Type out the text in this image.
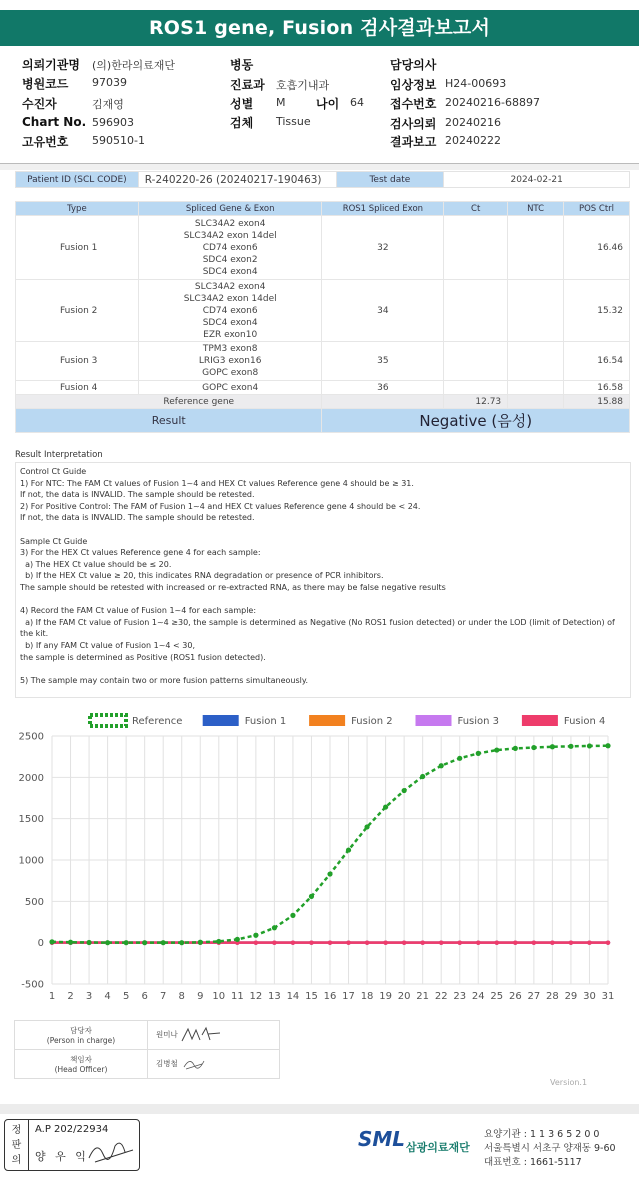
ROS1 gene, Fusion 검사결과보고서
의뢰기관명 (의)한라의료재단
병원코드 97039
수진자	김재영
Chart No. 596903
고유번호 590510-1
병동
진료과 호흡기내과
성별 M	나이 64
검체 Tissue
담당의사
임상정보 H24-00693
접수번호 20240216-68897
검사의뢰 20240216
결과보고 20240222
Patient ID (SCL CODE)	R-240220-26 (20240217-190463)	Test date	2024-02-21
Type	Spliced Gene & Exon	ROS1 Spliced Exon	Ct	NTC	POS Ctrl
Fusion 1	SLC34A2 exon4
SLC34A2 exon 14del
CD74 exon6
SDC4 exon2
SDC4 exon4	32			16.46
Fusion 2	SLC34A2 exon4
SLC34A2 exon 14del
CD74 exon6
SDC4 exon4
EZR exon10	34			15.32
Fusion 3	TPM3 exon8
LRIG3 exon16
GOPC exon8	35			16.54
Fusion 4	GOPC exon4	36			16.58
Reference gene			12.73		15.88
Result		Negative (음성)			
Result Interpretation
Control Ct Guide
1) For NTC: The FAM Ct values of Fusion 1~4 and HEX Ct values Reference gene 4 should be ≥ 31.
If not, the data is INVALID. The sample should be retested.
2) For Positive Control: The FAM of Fusion 1~4 and HEX Ct values Reference gene 4 should be < 24.
If not, the data is INVALID. The sample should be retested.
Sample Ct Guide
3) For the HEX Ct values Reference gene 4 for each sample:
a) The HEX Ct value should be ≤ 20.
b) If the HEX Ct value ≥ 20, this indicates RNA degradation or presence of PCR inhibitors.
The sample should be retested with increased or re-extracted RNA, as there may be false negative results
4) Record the FAM Ct value of Fusion 1~4 for each sample:
a) If the FAM Ct value of Fusion 1~4 ≥30, the sample is determined as Negative (No ROS1 fusion detected) or under the LOD (limit of Detection) of
the kit.
b) If any FAM Ct value of Fusion 1~4 < 30,
the sample is determined as Positive (ROS1 fusion detected).
5) The sample may contain two or more fusion patterns simultaneously.
-500
0
500
1000
1500
2000
2500
1 2 3 4 5 6 7 8 9 10 11 12 13 14 15 16 17 18 19 20 21 22 23 24 25 26 27 28 29 30 31
Reference	Fusion 1	Fusion 2	Fusion 3	Fusion 4
담당자
(Person in charge)	원미나

책임자
(Head Officer)	김병철
Version.1
정
판
의
A.P 202/22934
양 우 익
SML 삼광의료재단
요양기관 : 1 1 3 6 5 2 0 0
서울특별시 서초구 양재동 9-60
대표번호 : 1661-5117
